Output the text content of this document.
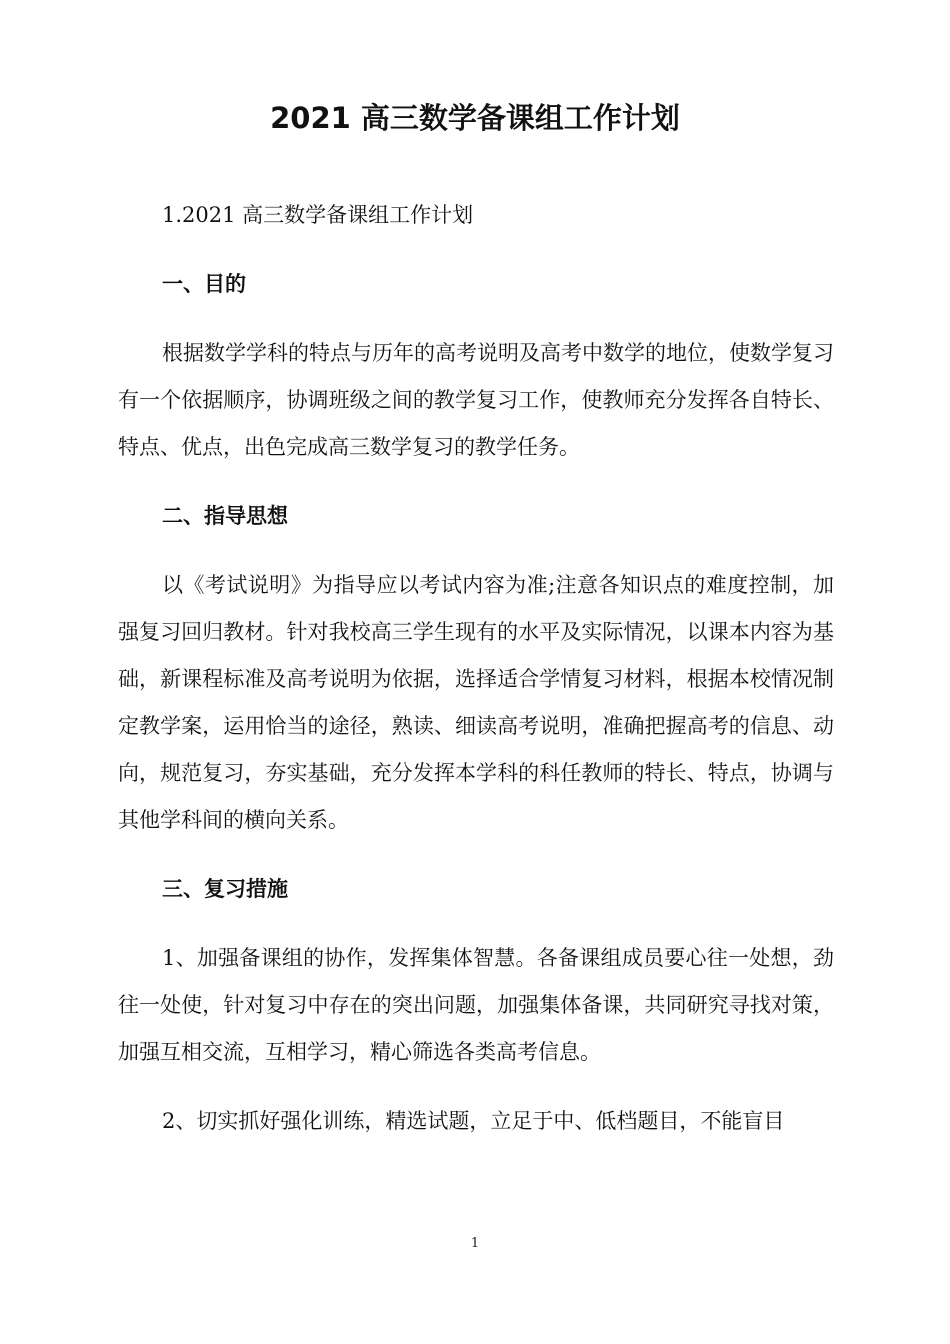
2021 高三数学备课组工作计划

1.2021 高三数学备课组工作计划

一、目的

根据数学学科的特点与历年的高考说明及高考中数学的地位，使数学复习有一个依据顺序，协调班级之间的教学复习工作，使教师充分发挥各自特长、特点、优点，出色完成高三数学复习的教学任务。

二、指导思想

以《考试说明》为指导应以考试内容为准;注意各知识点的难度控制，加强复习回归教材。针对我校高三学生现有的水平及实际情况，以课本内容为基础，新课程标准及高考说明为依据，选择适合学情复习材料，根据本校情况制定教学案，运用恰当的途径，熟读、细读高考说明，准确把握高考的信息、动向，规范复习，夯实基础，充分发挥本学科的科任教师的特长、特点，协调与其他学科间的横向关系。

三、复习措施

1、加强备课组的协作，发挥集体智慧。各备课组成员要心往一处想，劲往一处使，针对复习中存在的突出问题，加强集体备课，共同研究寻找对策，加强互相交流，互相学习，精心筛选各类高考信息。

2、切实抓好强化训练，精选试题，立足于中、低档题目，不能盲目

1
